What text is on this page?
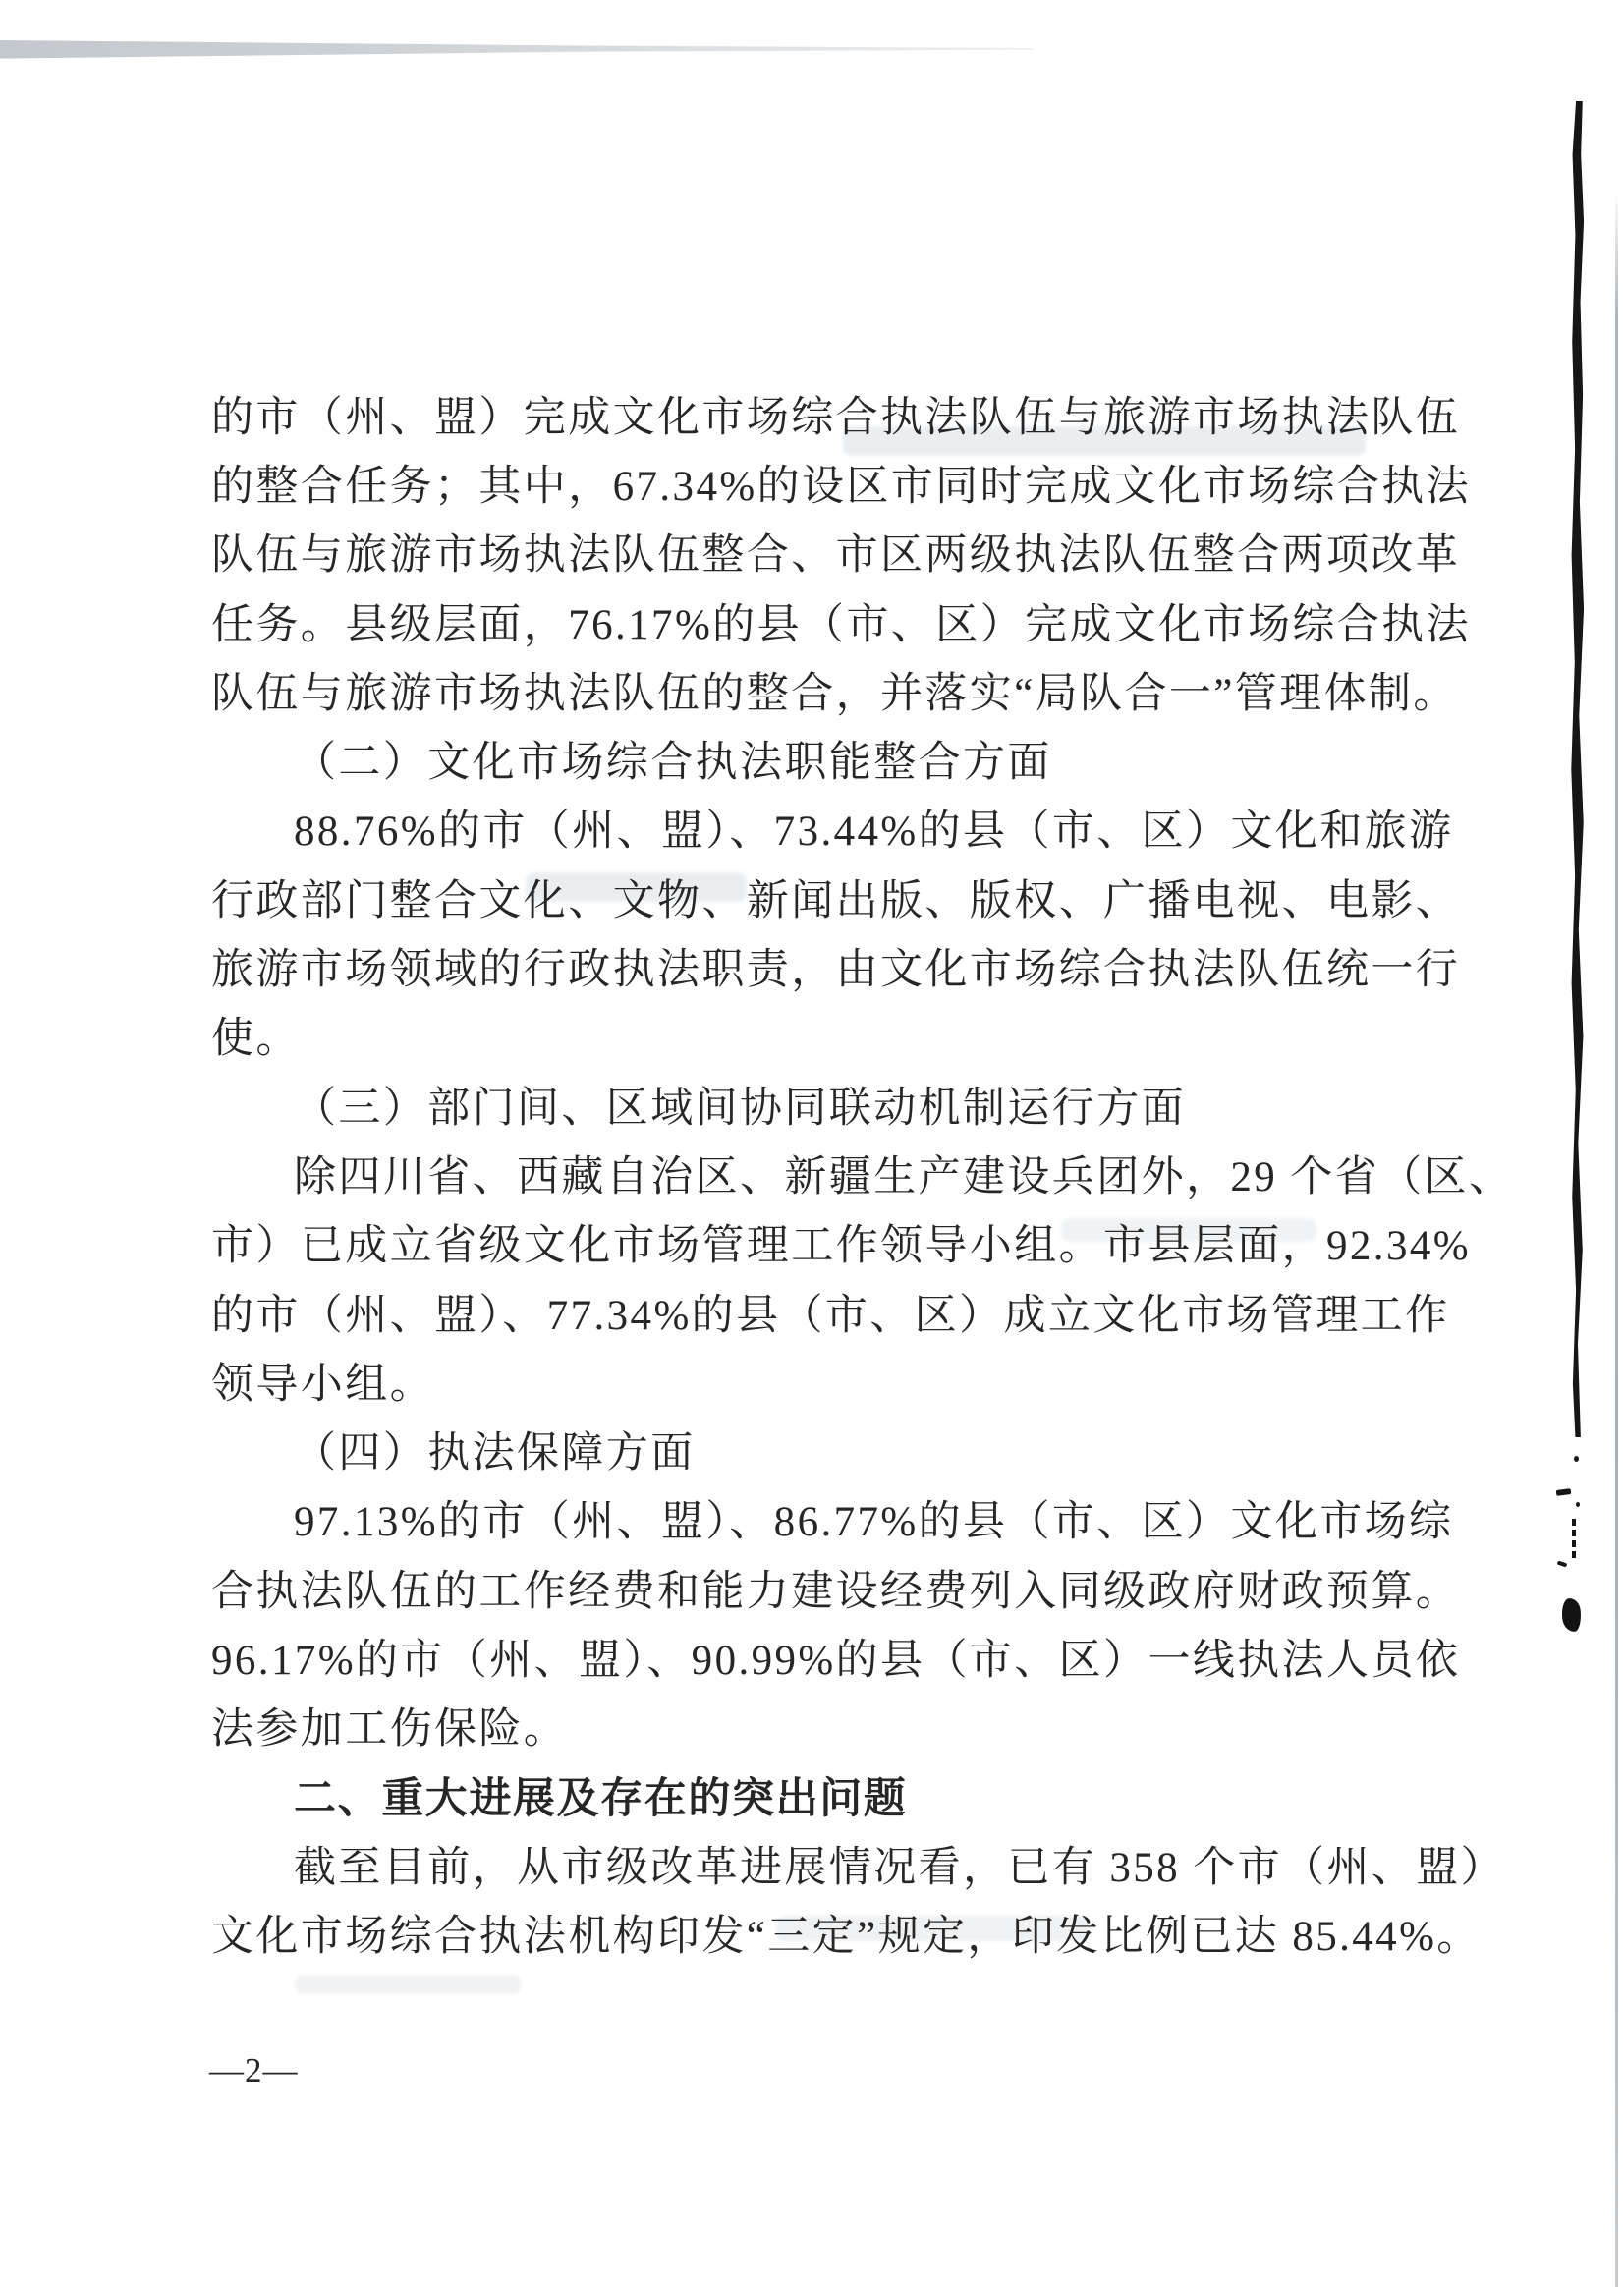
的市（州、盟）完成文化市场综合执法队伍与旅游市场执法队伍
的整合任务；其中，67.34%的设区市同时完成文化市场综合执法
队伍与旅游市场执法队伍整合、市区两级执法队伍整合两项改革
任务。县级层面，76.17%的县（市、区）完成文化市场综合执法
队伍与旅游市场执法队伍的整合，并落实“局队合一”管理体制。
（二）文化市场综合执法职能整合方面
88.76%的市（州、盟）、73.44%的县（市、区）文化和旅游
行政部门整合文化、文物、新闻出版、版权、广播电视、电影、
旅游市场领域的行政执法职责，由文化市场综合执法队伍统一行
使。
（三）部门间、区域间协同联动机制运行方面
除四川省、西藏自治区、新疆生产建设兵团外，29 个省（区、
市）已成立省级文化市场管理工作领导小组。市县层面，92.34%
的市（州、盟）、77.34%的县（市、区）成立文化市场管理工作
领导小组。
（四）执法保障方面
97.13%的市（州、盟）、86.77%的县（市、区）文化市场综
合执法队伍的工作经费和能力建设经费列入同级政府财政预算。
96.17%的市（州、盟）、90.99%的县（市、区）一线执法人员依
法参加工伤保险。
二、重大进展及存在的突出问题
截至目前，从市级改革进展情况看，已有 358 个市（州、盟）
文化市场综合执法机构印发“三定”规定，印发比例已达 85.44%。
—2—
